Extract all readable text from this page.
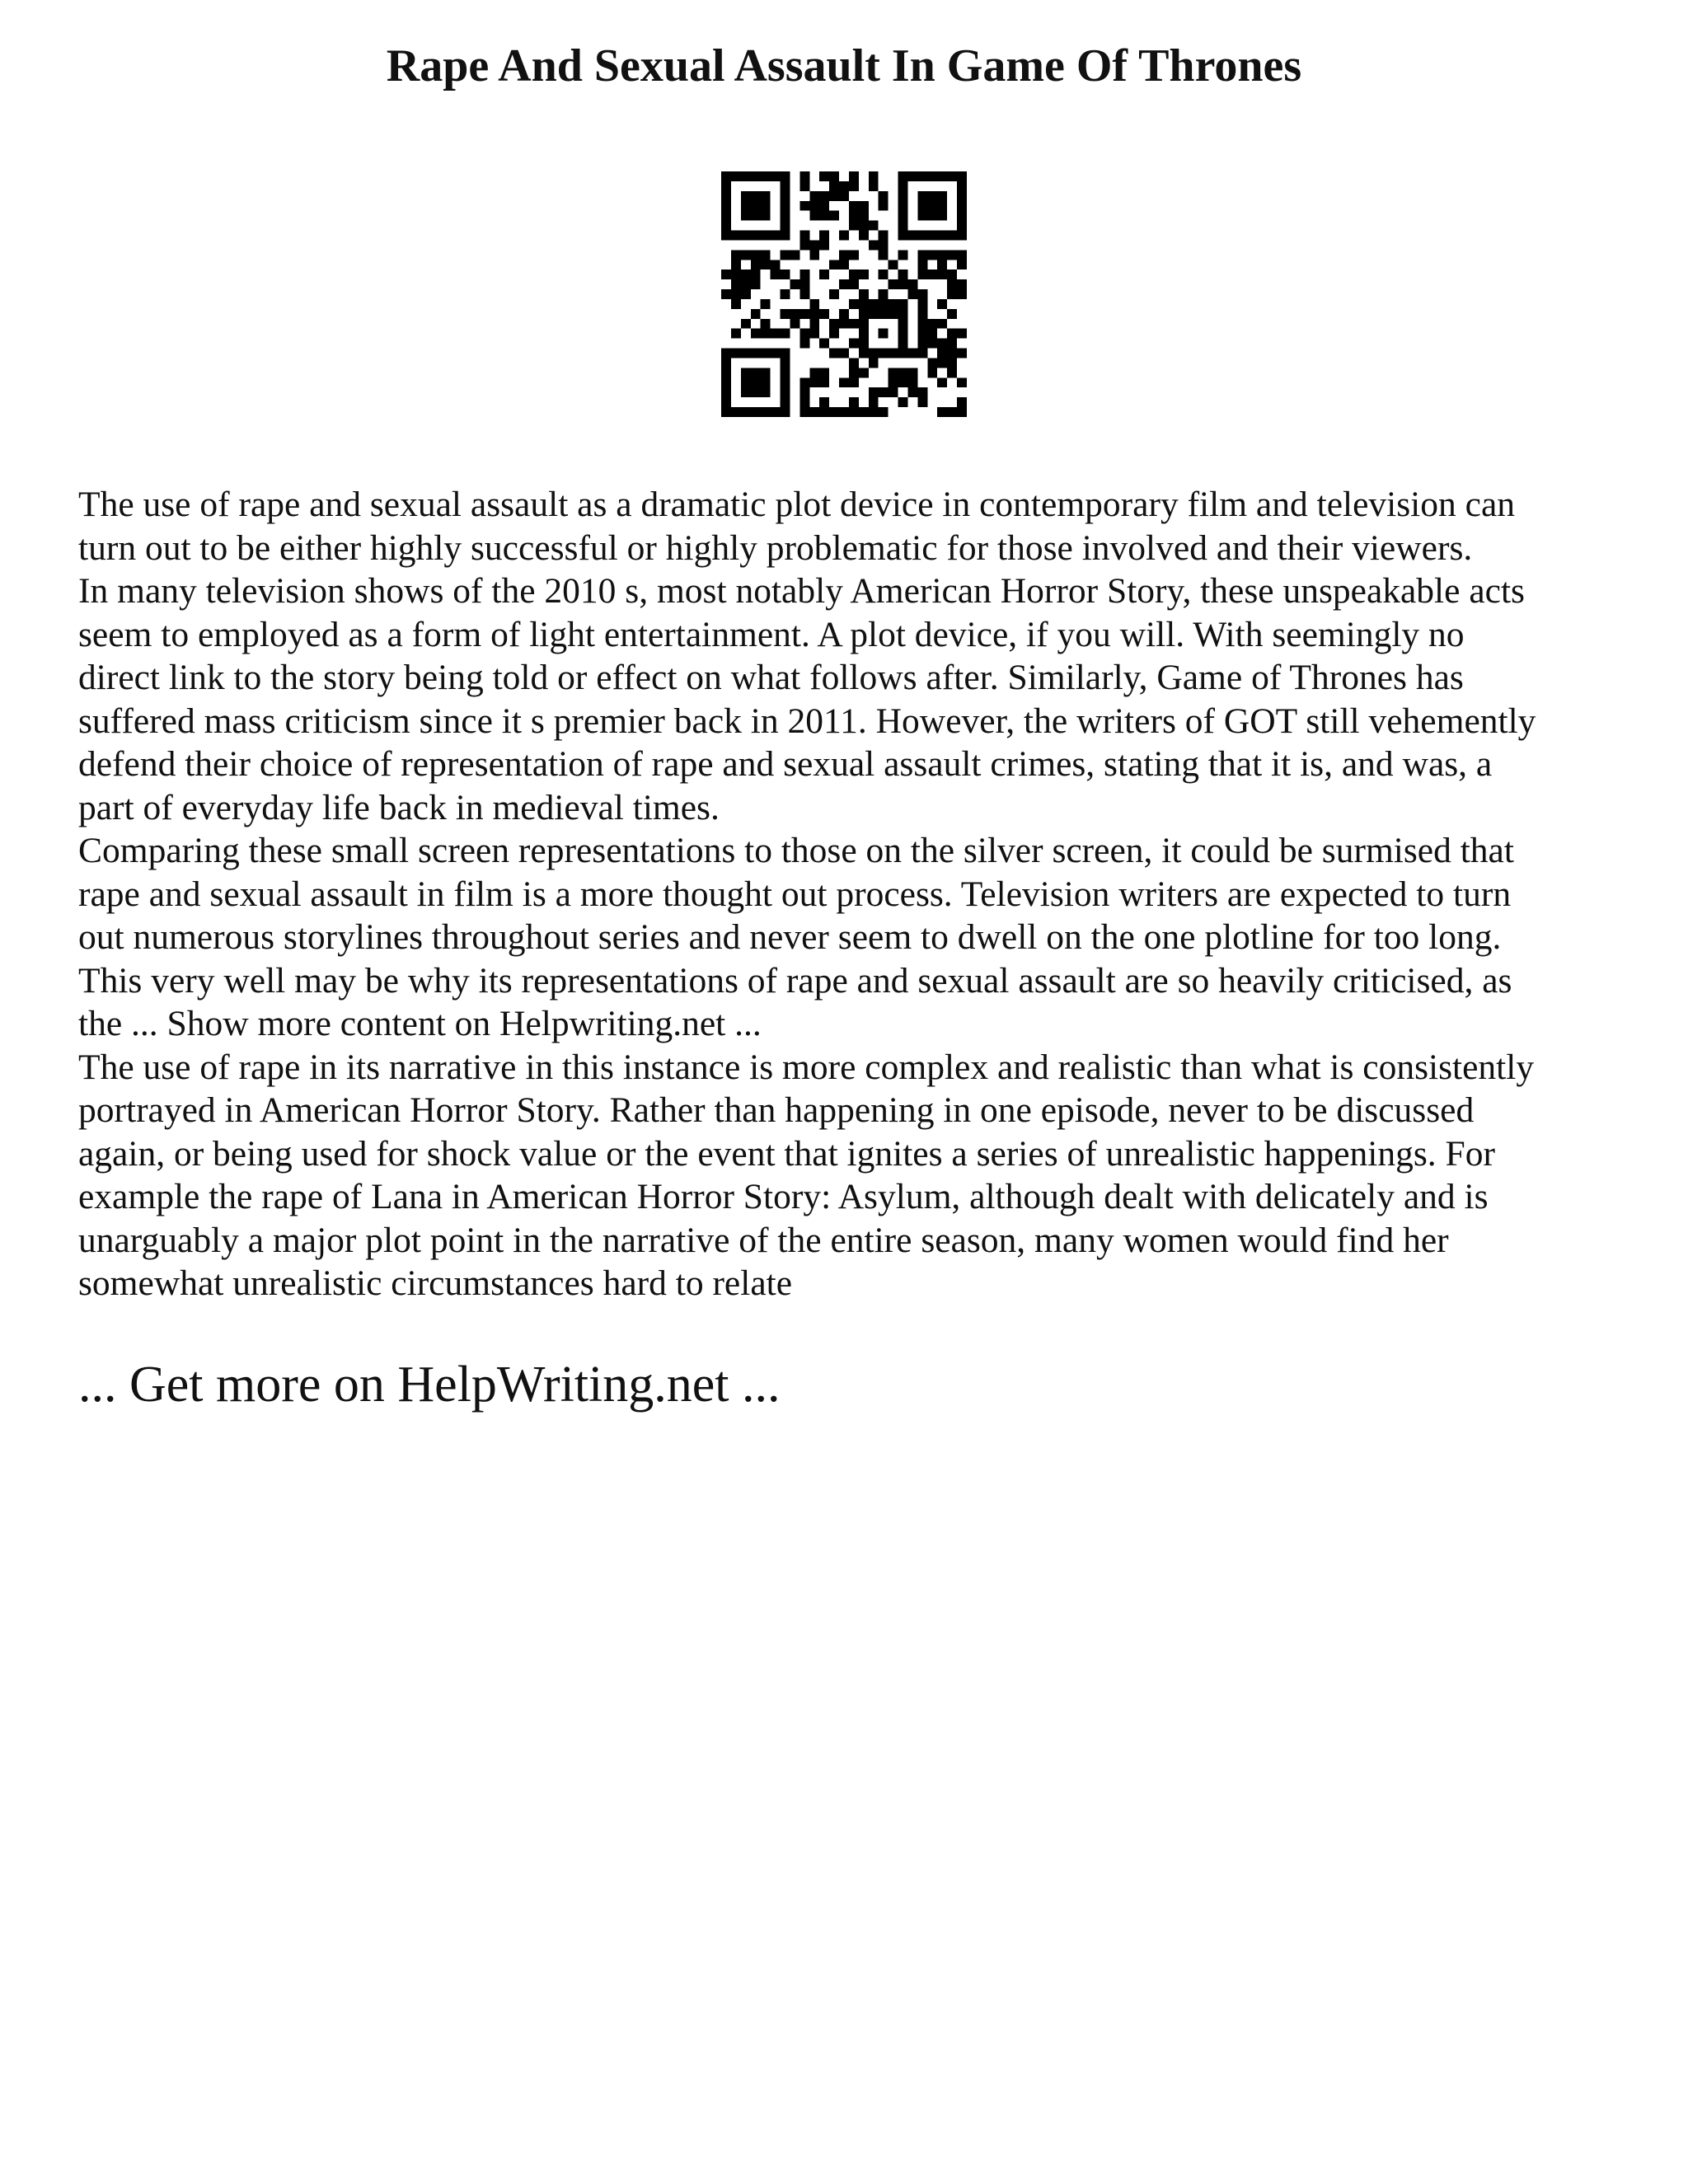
Rape And Sexual Assault In Game Of Thrones
The use of rape and sexual assault as a dramatic plot device in contemporary film and television can
turn out to be either highly successful or highly problematic for those involved and their viewers.
In many television shows of the 2010 s, most notably American Horror Story, these unspeakable acts
seem to employed as a form of light entertainment. A plot device, if you will. With seemingly no
direct link to the story being told or effect on what follows after. Similarly, Game of Thrones has
suffered mass criticism since it s premier back in 2011. However, the writers of GOT still vehemently
defend their choice of representation of rape and sexual assault crimes, stating that it is, and was, a
part of everyday life back in medieval times.
Comparing these small screen representations to those on the silver screen, it could be surmised that
rape and sexual assault in film is a more thought out process. Television writers are expected to turn
out numerous storylines throughout series and never seem to dwell on the one plotline for too long.
This very well may be why its representations of rape and sexual assault are so heavily criticised, as
the ... Show more content on Helpwriting.net ...
The use of rape in its narrative in this instance is more complex and realistic than what is consistently
portrayed in American Horror Story. Rather than happening in one episode, never to be discussed
again, or being used for shock value or the event that ignites a series of unrealistic happenings. For
example the rape of Lana in American Horror Story: Asylum, although dealt with delicately and is
unarguably a major plot point in the narrative of the entire season, many women would find her
somewhat unrealistic circumstances hard to relate

... Get more on HelpWriting.net ...
